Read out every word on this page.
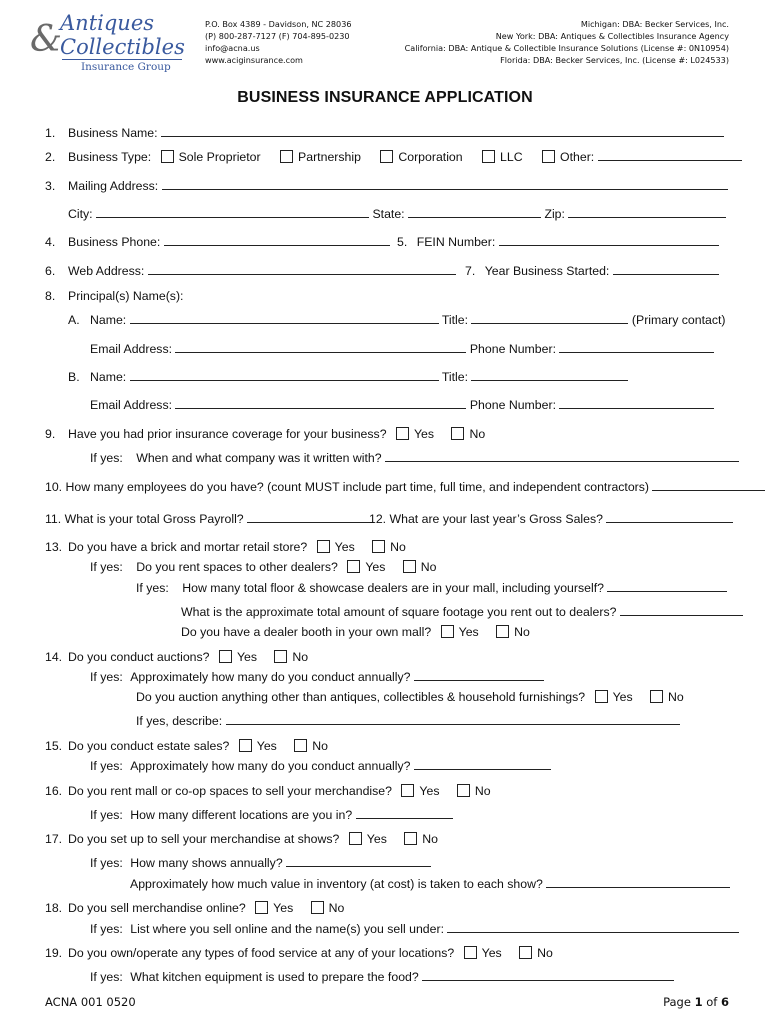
Antiques
&
Collectibles
Insurance Group
P.O. Box 4389 - Davidson, NC 28036
(P) 800-287-7127 (F) 704-895-0230
info@acna.us
www.aciginsurance.com
Michigan: DBA: Becker Services, Inc.
New York: DBA: Antiques & Collectibles Insurance Agency
California: DBA: Antique & Collectible Insurance Solutions (License #: 0N10954)
Florida: DBA: Becker Services, Inc. (License #: L024533)
BUSINESS INSURANCE APPLICATION
1. Business Name:
2. Business Type: Sole Proprietor	Partnership	Corporation	LLC	Other:
3. Mailing Address:
City:	State:	Zip:
4. Business Phone:	5. FEIN Number:
6. Web Address:	7. Year Business Started:
8. Principal(s) Name(s):
A. Name:	Title:	(Primary contact)
Email Address:	Phone Number:
B. Name:	Title:
Email Address:	Phone Number:
9. Have you had prior insurance coverage for your business? Yes	No
If yes: When and what company was it written with?
10. How many employees do you have? (count MUST include part time, full time, and independent contractors)
11. What is your total Gross Payroll?	12. What are your last year’s Gross Sales?
13. Do you have a brick and mortar retail store? Yes	No
If yes: Do you rent spaces to other dealers? Yes	No
If yes: How many total floor & showcase dealers are in your mall, including yourself?
What is the approximate total amount of square footage you rent out to dealers?
Do you have a dealer booth in your own mall? Yes	No
14. Do you conduct auctions? Yes	No
If yes: Approximately how many do you conduct annually?
Do you auction anything other than antiques, collectibles & household furnishings? Yes	No
If yes, describe:
15. Do you conduct estate sales? Yes	No
If yes: Approximately how many do you conduct annually?
16. Do you rent mall or co-op spaces to sell your merchandise? Yes	No
If yes: How many different locations are you in?
17. Do you set up to sell your merchandise at shows? Yes	No
If yes: How many shows annually?
Approximately how much value in inventory (at cost) is taken to each show?
18. Do you sell merchandise online? Yes	No
If yes: List where you sell online and the name(s) you sell under:
19. Do you own/operate any types of food service at any of your locations? Yes	No
If yes: What kitchen equipment is used to prepare the food?
ACNA 001 0520	Page 1 of 6
